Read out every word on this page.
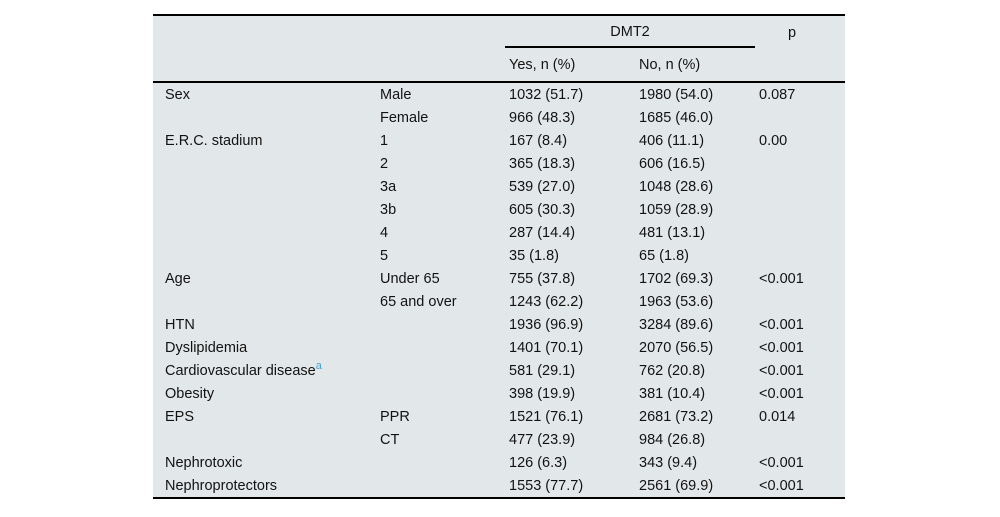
		DMT2		p
		Yes, n (%)	No, n (%)	
Sex	Male	1032 (51.7)	1980 (54.0)	0.087
	Female	966 (48.3)	1685 (46.0)	
E.R.C. stadium	1	167 (8.4)	406 (11.1)	0.00
	2	365 (18.3)	606 (16.5)	
	3a	539 (27.0)	1048 (28.6)	
	3b	605 (30.3)	1059 (28.9)	
	4	287 (14.4)	481 (13.1)	
	5	35 (1.8)	65 (1.8)	
Age	Under 65	755 (37.8)	1702 (69.3)	<0.001
	65 and over	1243 (62.2)	1963 (53.6)	
HTN		1936 (96.9)	3284 (89.6)	<0.001
Dyslipidemia		1401 (70.1)	2070 (56.5)	<0.001
Cardiovascular disease$^a$		581 (29.1)	762 (20.8)	<0.001
Obesity		398 (19.9)	381 (10.4)	<0.001
EPS	PPR	1521 (76.1)	2681 (73.2)	0.014
	CT	477 (23.9)	984 (26.8)	
Nephrotoxic		126 (6.3)	343 (9.4)	<0.001
Nephroprotectors		1553 (77.7)	2561 (69.9)	<0.001
